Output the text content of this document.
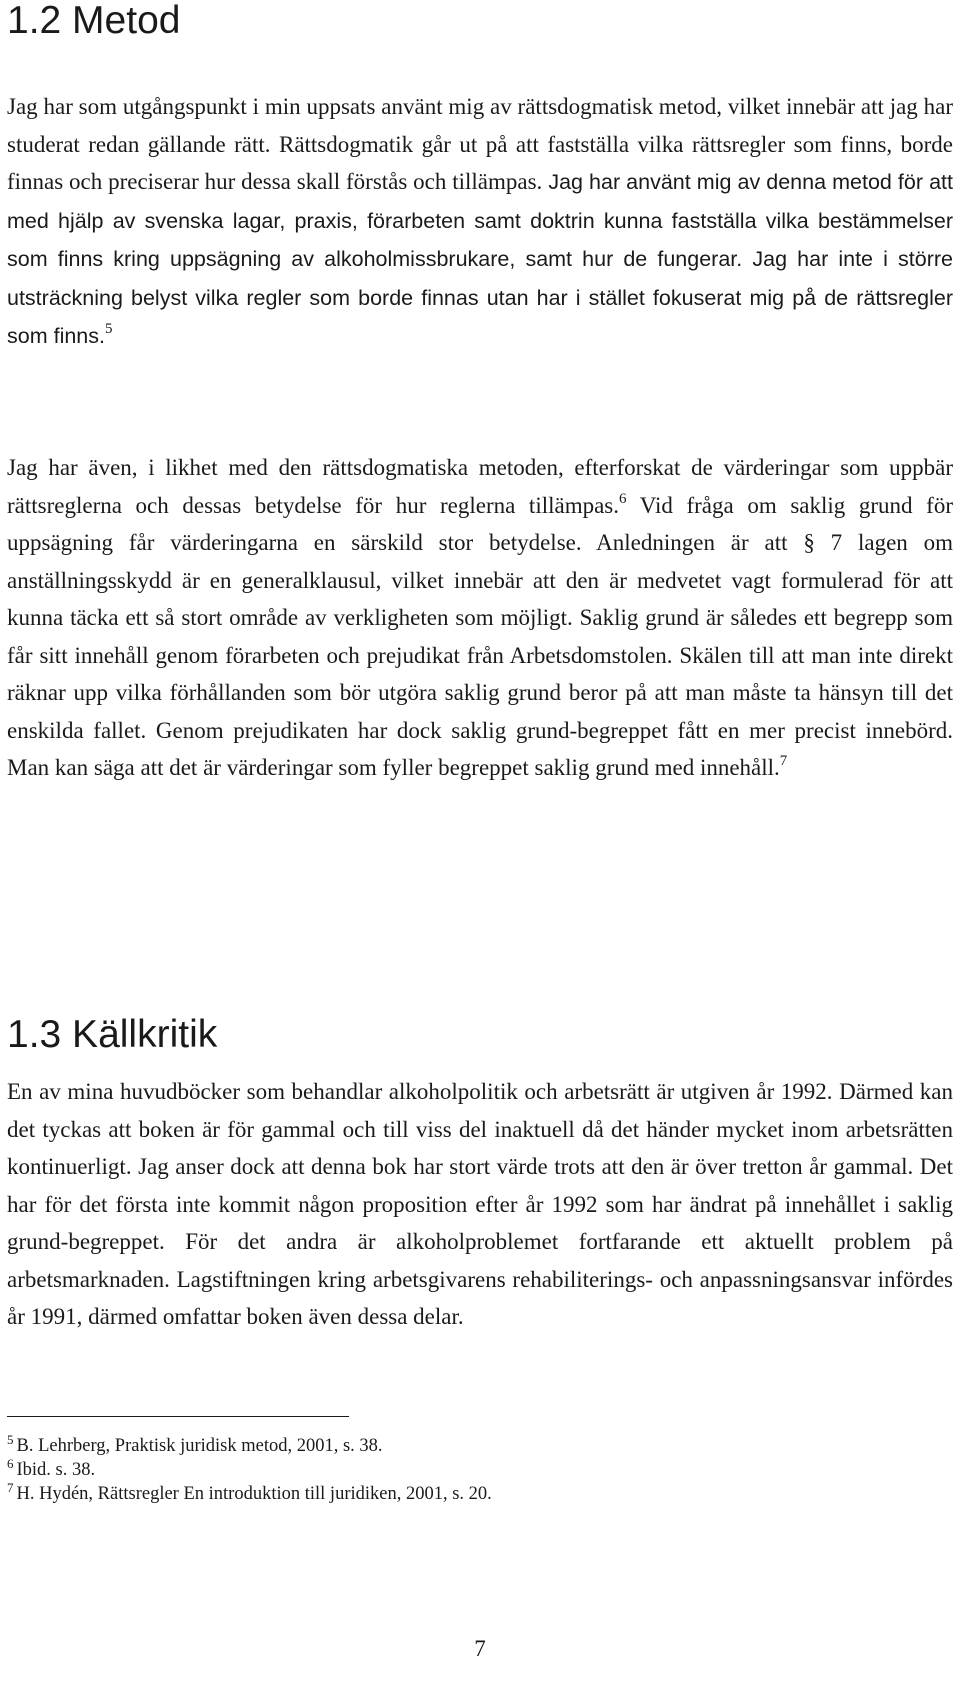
1.2 Metod

Jag har som utgångspunkt i min uppsats använt mig av rättsdogmatisk metod, vilket innebär att jag har studerat redan gällande rätt. Rättsdogmatik går ut på att fastställa vilka rättsregler som finns, borde finnas och preciserar hur dessa skall förstås och tillämpas. Jag har använt mig av denna metod för att med hjälp av svenska lagar, praxis, förarbeten samt doktrin kunna fastställa vilka bestämmelser som finns kring uppsägning av alkoholmissbrukare, samt hur de fungerar. Jag har inte i större utsträckning belyst vilka regler som borde finnas utan har i stället fokuserat mig på de rättsregler som finns.$^5$

Jag har även, i likhet med den rättsdogmatiska metoden, efterforskat de värderingar som uppbär rättsreglerna och dessas betydelse för hur reglerna tillämpas.$^6$ Vid fråga om saklig grund för uppsägning får värderingarna en särskild stor betydelse. Anledningen är att § 7 lagen om anställningsskydd är en generalklausul, vilket innebär att den är medvetet vagt formulerad för att kunna täcka ett så stort område av verkligheten som möjligt. Saklig grund är således ett begrepp som får sitt innehåll genom förarbeten och prejudikat från Arbetsdomstolen. Skälen till att man inte direkt räknar upp vilka förhållanden som bör utgöra saklig grund beror på att man måste ta hänsyn till det enskilda fallet. Genom prejudikaten har dock saklig grund-begreppet fått en mer precist innebörd. Man kan säga att det är värderingar som fyller begreppet saklig grund med innehåll.$^7$

1.3 Källkritik

En av mina huvudböcker som behandlar alkoholpolitik och arbetsrätt är utgiven år 1992. Därmed kan det tyckas att boken är för gammal och till viss del inaktuell då det händer mycket inom arbetsrätten kontinuerligt. Jag anser dock att denna bok har stort värde trots att den är över tretton år gammal. Det har för det första inte kommit någon proposition efter år 1992 som har ändrat på innehållet i saklig grund-begreppet. För det andra är alkoholproblemet fortfarande ett aktuellt problem på arbetsmarknaden. Lagstiftningen kring arbetsgivarens rehabiliterings- och anpassningsansvar infördes år 1991, därmed omfattar boken även dessa delar.

$^5$ B. Lehrberg, Praktisk juridisk metod, 2001, s. 38.
$^6$ Ibid. s. 38.
$^7$ H. Hydén, Rättsregler En introduktion till juridiken, 2001, s. 20.
7
